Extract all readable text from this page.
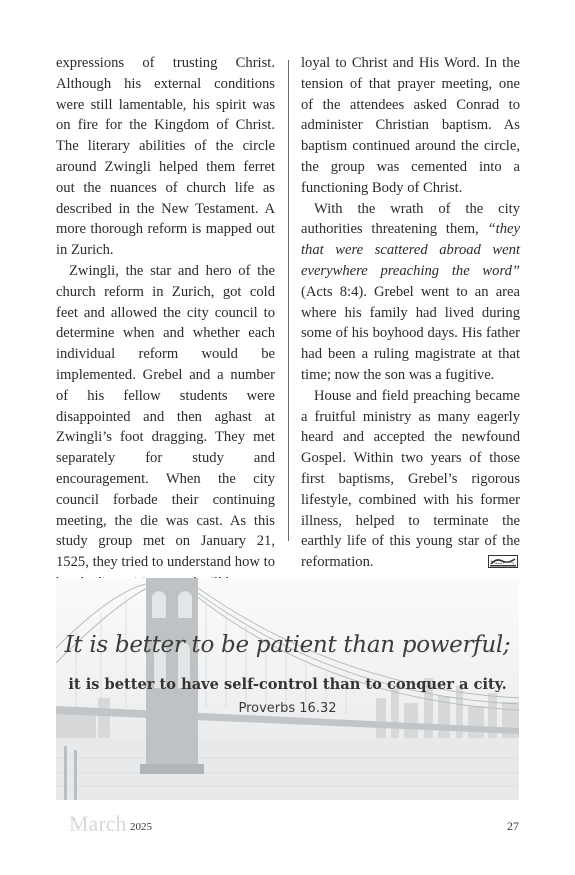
expressions of trusting Christ. Although his external conditions were still lamentable, his spirit was on fire for the Kingdom of Christ. The literary abilities of the circle around Zwingli helped them ferret out the nuances of church life as described in the New Testament. A more thorough reform is mapped out in Zurich.

Zwingli, the star and hero of the church reform in Zurich, got cold feet and allowed the city council to determine when and whether each individual reform would be implemented. Grebel and a number of his fellow students were disappointed and then aghast at Zwingli’s foot dragging. They met separately for study and encouragement. When the city council forbade their continuing meeting, the die was cast. As this study group met on January 21, 1525, they tried to understand how to

loyal to Christ and His Word. In the tension of that prayer meeting, one of the attendees asked Conrad to administer Christian baptism. As baptism continued around the circle, the group was cemented into a functioning Body of Christ.

With the wrath of the city authorities threatening them, “they that were scattered abroad went everywhere preaching the word” (Acts 8:4). Grebel went to an area where his family had lived during some of his boyhood days. His father had been a ruling magistrate at that time; now the son was a fugitive.

House and field preaching became a fruitful ministry as many eagerly heard and accepted the newfound Gospel. Within two years of those first baptisms, Grebel’s rigorous lifestyle, combined with his former illness, helped to terminate the earthly life of this young star of the reformation.

It is better to be patient than powerful;
it is better to have self-control than to conquer a city.
Proverbs 16.32
March 2025	27
